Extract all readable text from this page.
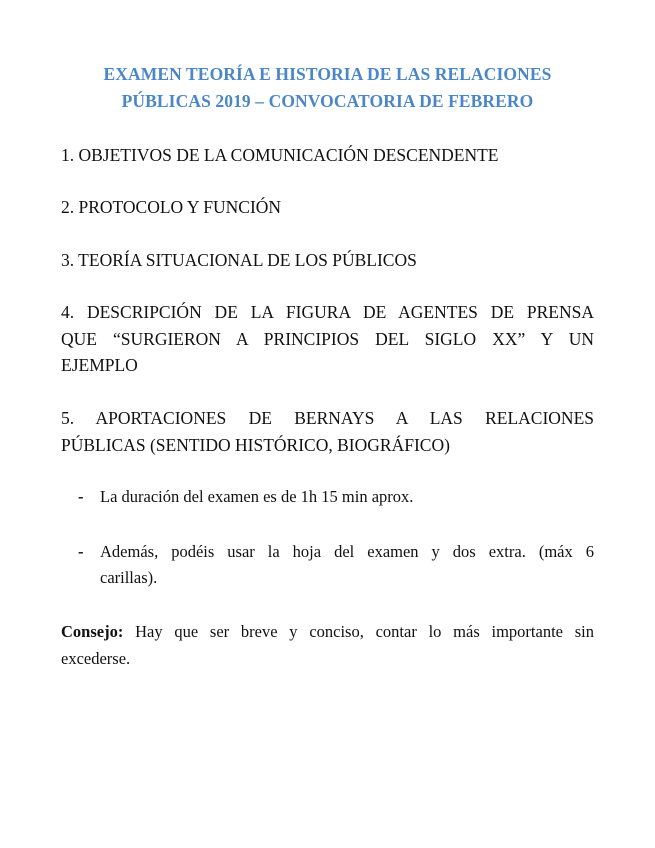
EXAMEN TEORÍA E HISTORIA DE LAS RELACIONES
PÚBLICAS 2019 – CONVOCATORIA DE FEBRERO
1. OBJETIVOS DE LA COMUNICACIÓN DESCENDENTE
2. PROTOCOLO Y FUNCIÓN
3. TEORÍA SITUACIONAL DE LOS PÚBLICOS
4. DESCRIPCIÓN DE LA FIGURA DE AGENTES DE PRENSA
QUE “SURGIERON A PRINCIPIOS DEL SIGLO XX” Y UN
EJEMPLO
5. APORTACIONES DE BERNAYS A LAS RELACIONES
PÚBLICAS (SENTIDO HISTÓRICO, BIOGRÁFICO)
- La duración del examen es de 1h 15 min aprox.
- Además, podéis usar la hoja del examen y dos extra. (máx 6
carillas).
Consejo: Hay que ser breve y conciso, contar lo más importante sin
excederse.
